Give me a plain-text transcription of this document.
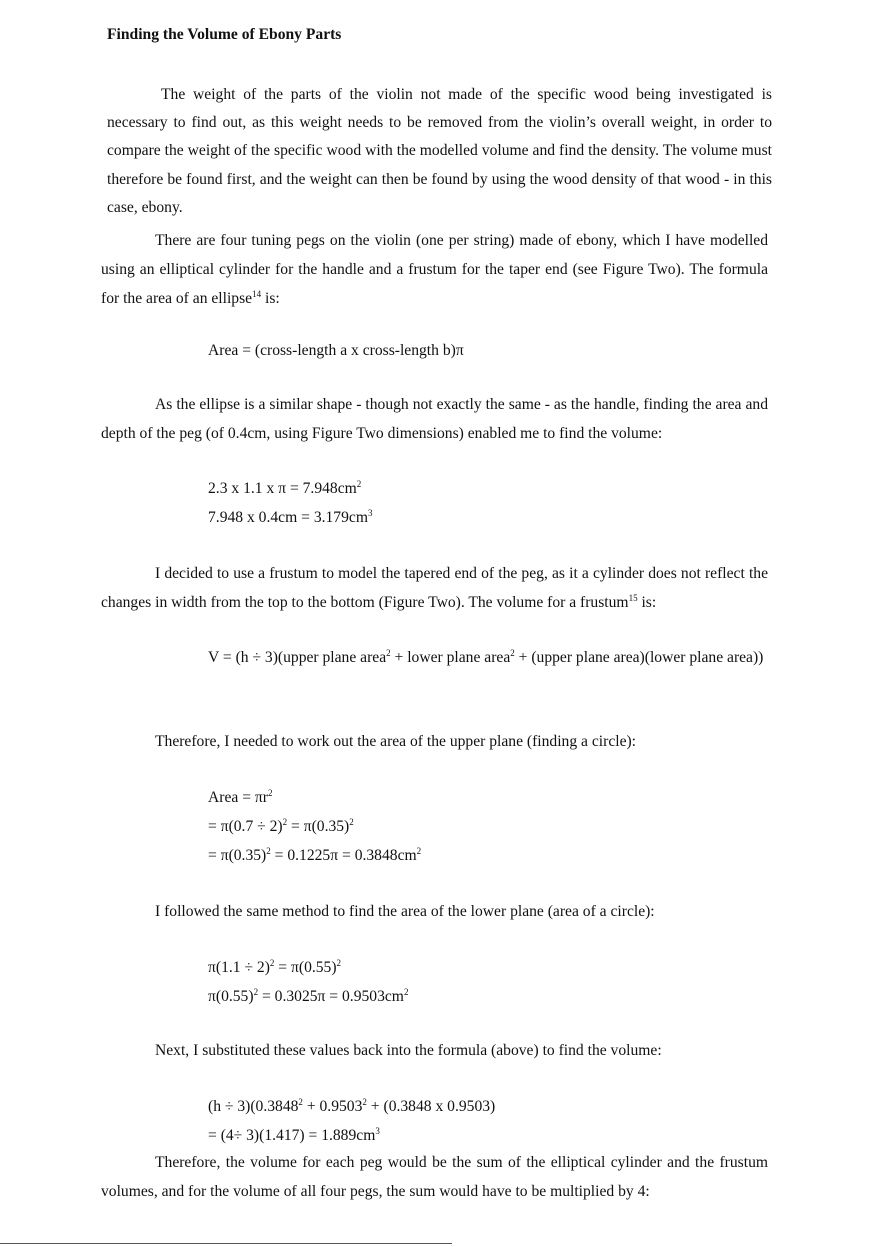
Finding the Volume of Ebony Parts

The weight of the parts of the violin not made of the specific wood being investigated is necessary to find out, as this weight needs to be removed from the violin’s overall weight, in order to compare the weight of the specific wood with the modelled volume and find the density. The volume must therefore be found first, and the weight can then be found by using the wood density of that wood - in this case, ebony.

There are four tuning pegs on the violin (one per string) made of ebony, which I have modelled using an elliptical cylinder for the handle and a frustum for the taper end (see Figure Two). The formula for the area of an ellipse$^{14}$ is:

Area = (cross-length a x cross-length b)π

As the ellipse is a similar shape - though not exactly the same - as the handle, finding the area and depth of the peg (of 0.4cm, using Figure Two dimensions) enabled me to find the volume:

2.3 x 1.1 x $\pi = 7.948cm^2$

7.948 x $0.4cm = 3.179cm^3$

I decided to use a frustum to model the tapered end of the peg, as it a cylinder does not reflect the changes in width from the top to the bottom (Figure Two). The volume for a frustum$^{15}$ is:

V = (h ÷ 3)(upper plane area$^2$ + lower plane area$^2$ + (upper plane area)(lower plane area))

Therefore, I needed to work out the area of the upper plane (finding a circle):

Area = $\pi r^2$

= $\pi(0.7 \div 2)^2 = \pi(0.35)^2$

= $\pi(0.35)^2 = 0.1225\pi = 0.3848cm^2$

I followed the same method to find the area of the lower plane (area of a circle):

$\pi(1.1 \div 2)^2 = \pi(0.55)^2$

$\pi(0.55)^2 = 0.3025\pi = 0.9503cm^2$

Next, I substituted these values back into the formula (above) to find the volume:

$(h \div 3)(0.3848^2 + 0.9503^2 + (0.3848$ x 0.9503)

= $(4\div 3)(1.417) = 1.889cm^3$

Therefore, the volume for each peg would be the sum of the elliptical cylinder and the frustum volumes, and for the volume of all four pegs, the sum would have to be multiplied by 4:
